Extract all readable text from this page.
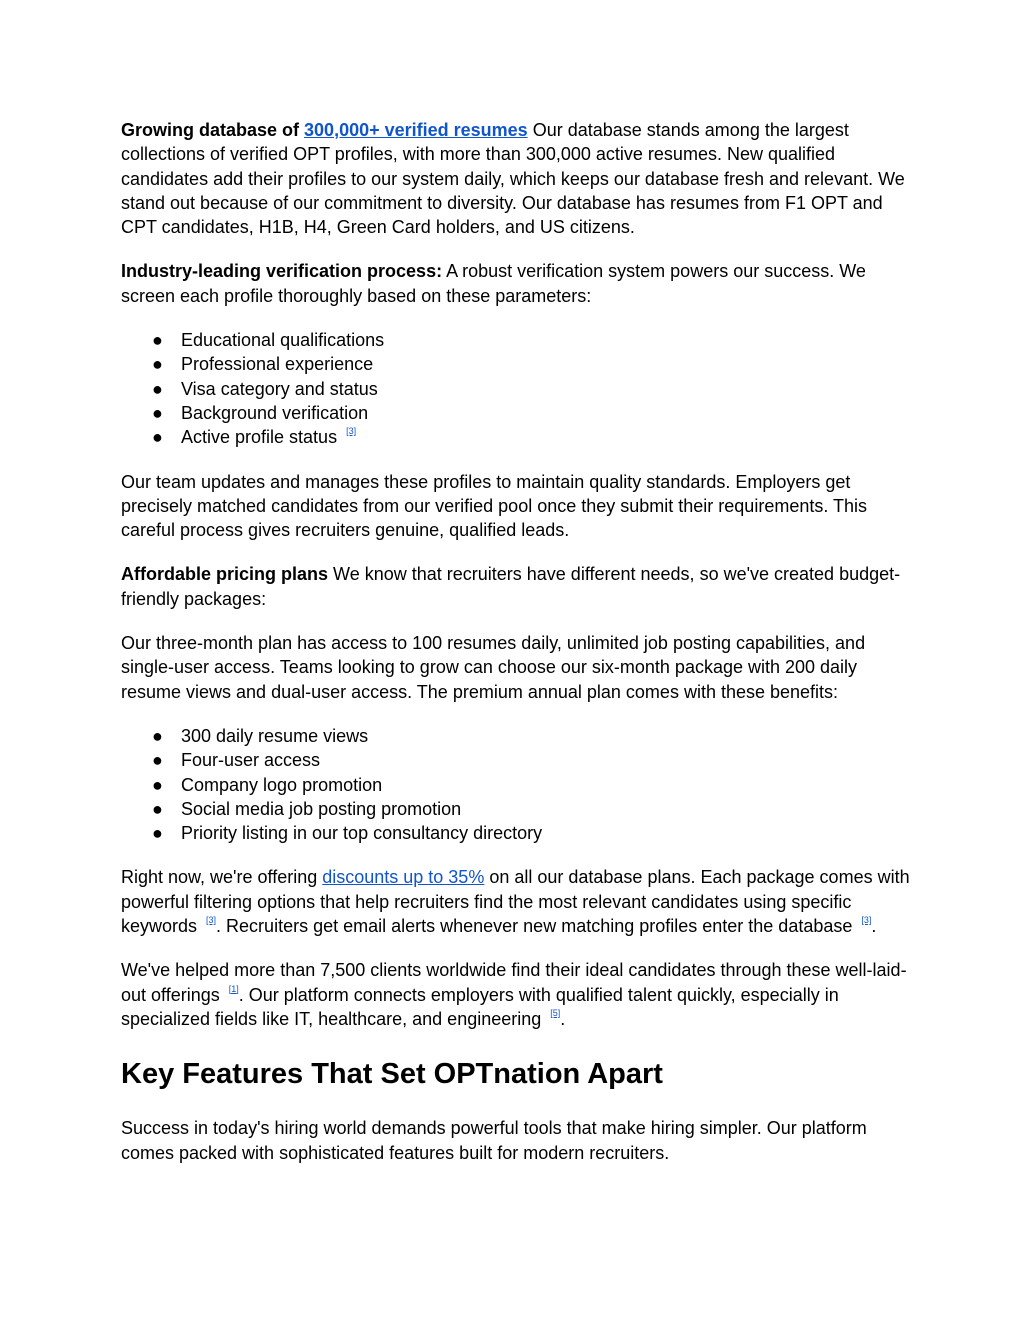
Growing database of 300,000+ verified resumes Our database stands among the largest collections of verified OPT profiles, with more than 300,000 active resumes. New qualified candidates add their profiles to our system daily, which keeps our database fresh and relevant. We stand out because of our commitment to diversity. Our database has resumes from F1 OPT and CPT candidates, H1B, H4, Green Card holders, and US citizens.

Industry-leading verification process: A robust verification system powers our success. We screen each profile thoroughly based on these parameters:

● Educational qualifications
● Professional experience
● Visa category and status
● Background verification
● Active profile status [3]

Our team updates and manages these profiles to maintain quality standards. Employers get precisely matched candidates from our verified pool once they submit their requirements. This careful process gives recruiters genuine, qualified leads.

Affordable pricing plans We know that recruiters have different needs, so we've created budget-friendly packages:

Our three-month plan has access to 100 resumes daily, unlimited job posting capabilities, and single-user access. Teams looking to grow can choose our six-month package with 200 daily resume views and dual-user access. The premium annual plan comes with these benefits:

● 300 daily resume views
● Four-user access
● Company logo promotion
● Social media job posting promotion
● Priority listing in our top consultancy directory

Right now, we're offering discounts up to 35% on all our database plans. Each package comes with powerful filtering options that help recruiters find the most relevant candidates using specific keywords [3]. Recruiters get email alerts whenever new matching profiles enter the database [3].

We've helped more than 7,500 clients worldwide find their ideal candidates through these well-laid-out offerings [1]. Our platform connects employers with qualified talent quickly, especially in specialized fields like IT, healthcare, and engineering [5].

Key Features That Set OPTnation Apart

Success in today's hiring world demands powerful tools that make hiring simpler. Our platform comes packed with sophisticated features built for modern recruiters.
